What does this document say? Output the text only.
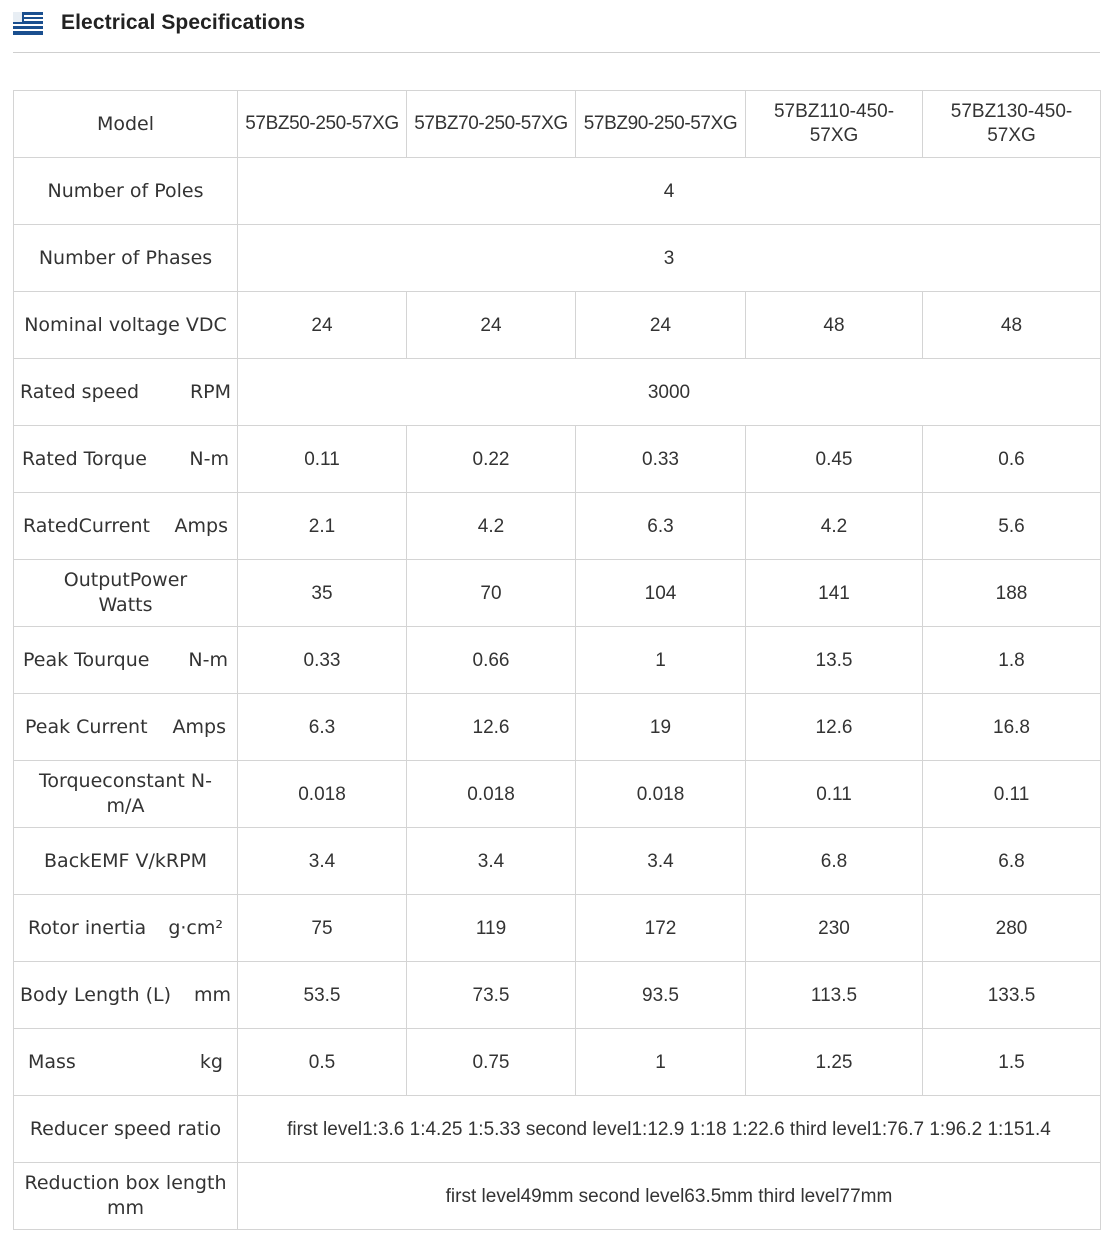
Electrical Specifications
Model	57BZ50-250-57XG	57BZ70-250-57XG	57BZ90-250-57XG	57BZ110-450-57XG	57BZ130-450-57XG
Number of Poles	4				
Number of Phases	3				
Nominal voltage VDC	24	24	24	48	48

Rated speed RPM	3000				

Rated Torque N-m	0.11	0.22	0.33	0.45	0.6

RatedCurrent Amps	2.1	4.2	6.3	4.2	5.6
OutputPower Watts	35	70	104	141	188

Peak Tourque N-m	0.33	0.66	1	13.5	1.8

Peak Current Amps	6.3	12.6	19	12.6	16.8
Torqueconstant N-m/A	0.018	0.018	0.018	0.11	0.11
BackEMF V/kRPM	3.4	3.4	3.4	6.8	6.8

Rotor inertia g·cm²	75	119	172	230	280

Body Length (L) mm	53.5	73.5	93.5	113.5	133.5

Mass kg	0.5	0.75	1	1.25	1.5
Reducer speed ratio	first level1:3.6 1:4.25 1:5.33 second level1:12.9 1:18 1:22.6 third level1:76.7 1:96.2 1:151.4				
Reduction box length mm	first level49mm second level63.5mm third level77mm				
